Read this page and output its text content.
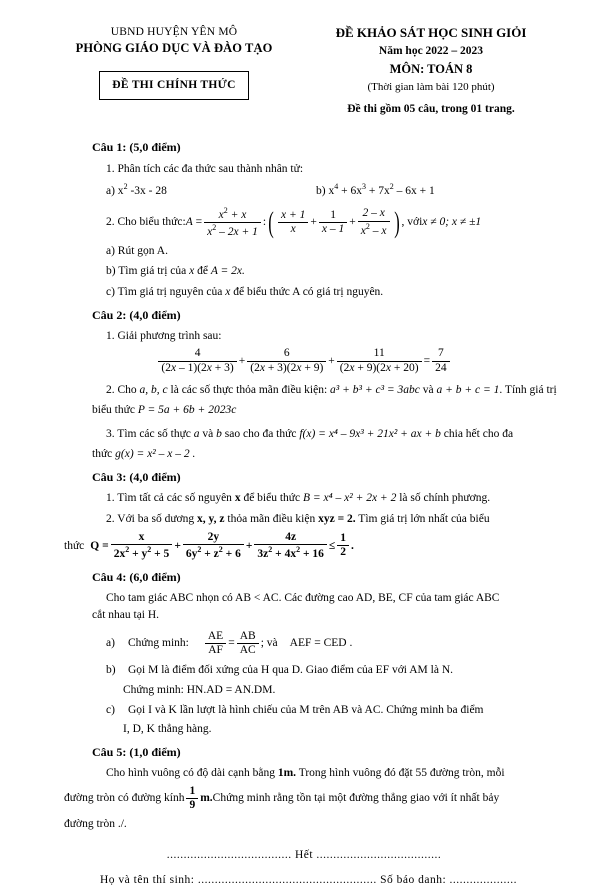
UBND HUYỆN YÊN MÔ
PHÒNG GIÁO DỤC VÀ ĐÀO TẠO
ĐỀ THI CHÍNH THỨC
ĐỀ KHẢO SÁT HỌC SINH GIỎI
Năm học 2022 – 2023
MÔN: TOÁN 8
(Thời gian làm bài 120 phút)
Đề thi gồm 05 câu, trong 01 trang.
Câu 1: (5,0 điểm)
1. Phân tích các đa thức sau thành nhân tử:
a) $x^2$ -3x - 28	b) $x^4 + 6x^3 + 7x^2 - 6x + 1$
2. Cho biểu thức: $A = \frac{x^2 + x}{x^2 - 2x + 1}$ : ( $\frac{x + 1}{x} + \frac{1}{x - 1} + \frac{2 - x}{x^2 - x}$ ) , với x ≠ 0; x ≠ ±1
a) Rút gọn A.
b) Tìm giá trị của x để A = 2x.
c) Tìm giá trị nguyên của x để biểu thức A có giá trị nguyên.
Câu 2: (4,0 điểm)
1. Giải phương trình sau:
$\frac{4}{(2x - 1)(2x + 3)} + \frac{6}{(2x + 3)(2x + 9)} + \frac{11}{(2x + 9)(2x + 20)} = \frac{7}{24}$
2. Cho a, b, c là các số thực thỏa mãn điều kiện: a³ + b³ + c³ = 3abc và a + b + c = 1. Tính giá trị
biểu thức P = 5a + 6b + 2023c
3. Tìm các số thực a và b sao cho đa thức f(x) = x⁴ – 9x³ + 21x² + ax + b chia hết cho đa
thức g(x) = x² – x – 2 .
Câu 3: (4,0 điểm)
1. Tìm tất cả các số nguyên x để biểu thức B = x⁴ – x² + 2x + 2 là số chính phương.
2. Với ba số dương x, y, z thỏa mãn điều kiện xyz = 2. Tìm giá trị lớn nhất của biểu
thức $Q = \frac{x}{2x^2 + y^2 + 5} + \frac{2y}{6y^2 + z^2 + 6} + \frac{4z}{3z^2 + 4x^2 + 16} \le \frac{1}{2}$ .
Câu 4: (6,0 điểm)
Cho tam giác ABC nhọn có AB < AC. Các đường cao AD, BE, CF của tam giác ABC
cắt nhau tại H.
a)	Chứng minh: $\frac{AE}{AF} = \frac{AB}{AC}$ ; và AEF = CED .
b)	Gọi M là điểm đối xứng của H qua D. Giao điểm của EF với AM là N.
Chứng minh: HN.AD = AN.DM.
c)	Gọi I và K lần lượt là hình chiếu của M trên AB và AC. Chứng minh ba điểm
I, D, K thẳng hàng.
Câu 5: (1,0 điểm)
Cho hình vuông có độ dài cạnh bằng 1m. Trong hình vuông đó đặt 55 đường tròn, mỗi
đường tròn có đường kính $\frac{1}{9} m$. Chứng minh rằng tồn tại một đường thẳng giao với ít nhất bảy
đường tròn ./.
..................................... Hết .....................................
Họ và tên thí sinh: ..................................................... Số báo danh: ....................
